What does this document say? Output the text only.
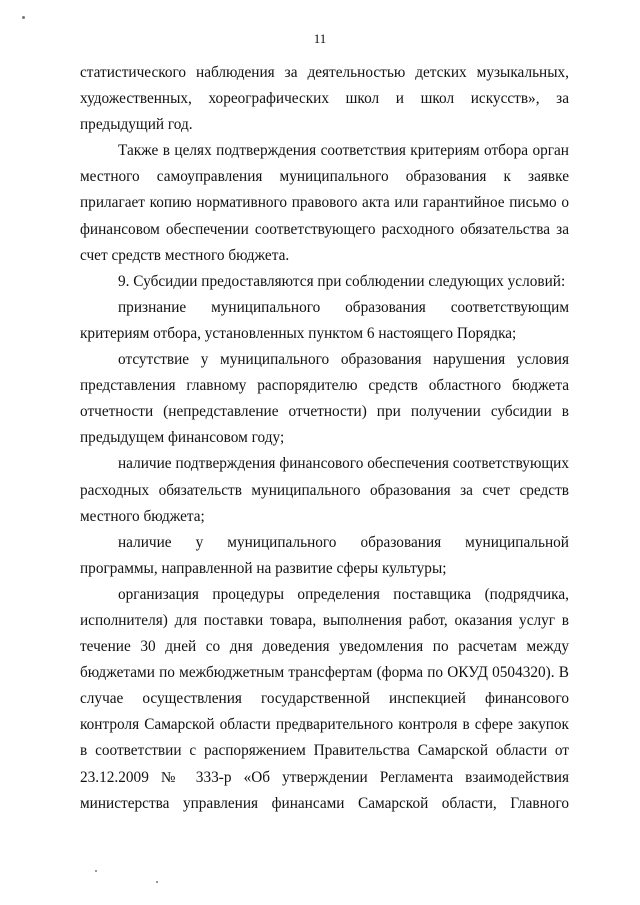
11

статистического наблюдения за деятельностью детских музыкальных,

художественных, хореографических школ и школ искусств», за предыдущий год.

Также в целях подтверждения соответствия критериям отбора орган местного самоуправления муниципального образования к заявке прилагает копию нормативного правового акта или гарантийное письмо о финансовом обеспечении соответствующего расходного обязательства за счет средств местного бюджета.

9. Субсидии предоставляются при соблюдении следующих условий:

признание муниципального образования соответствующим критериям отбора, установленных пунктом 6 настоящего Порядка;

отсутствие у муниципального образования нарушения условия представления главному распорядителю средств областного бюджета отчетности (непредставление отчетности) при получении субсидии в предыдущем финансовом году;

наличие подтверждения финансового обеспечения соответствующих расходных обязательств муниципального образования за счет средств местного бюджета;

наличие у муниципального образования муниципальной программы, направленной на развитие сферы культуры;

организация процедуры определения поставщика (подрядчика, исполнителя) для поставки товара, выполнения работ, оказания услуг в течение 30 дней со дня доведения уведомления по расчетам между бюджетами по межбюджетным трансфертам (форма по ОКУД 0504320). В случае осуществления государственной инспекцией финансового контроля Самарской области предварительного контроля в сфере закупок в соответствии с распоряжением Правительства Самарской области от 23.12.2009 № 333-р «Об утверждении Регламента взаимодействия министерства управления финансами Самарской области, Главного
